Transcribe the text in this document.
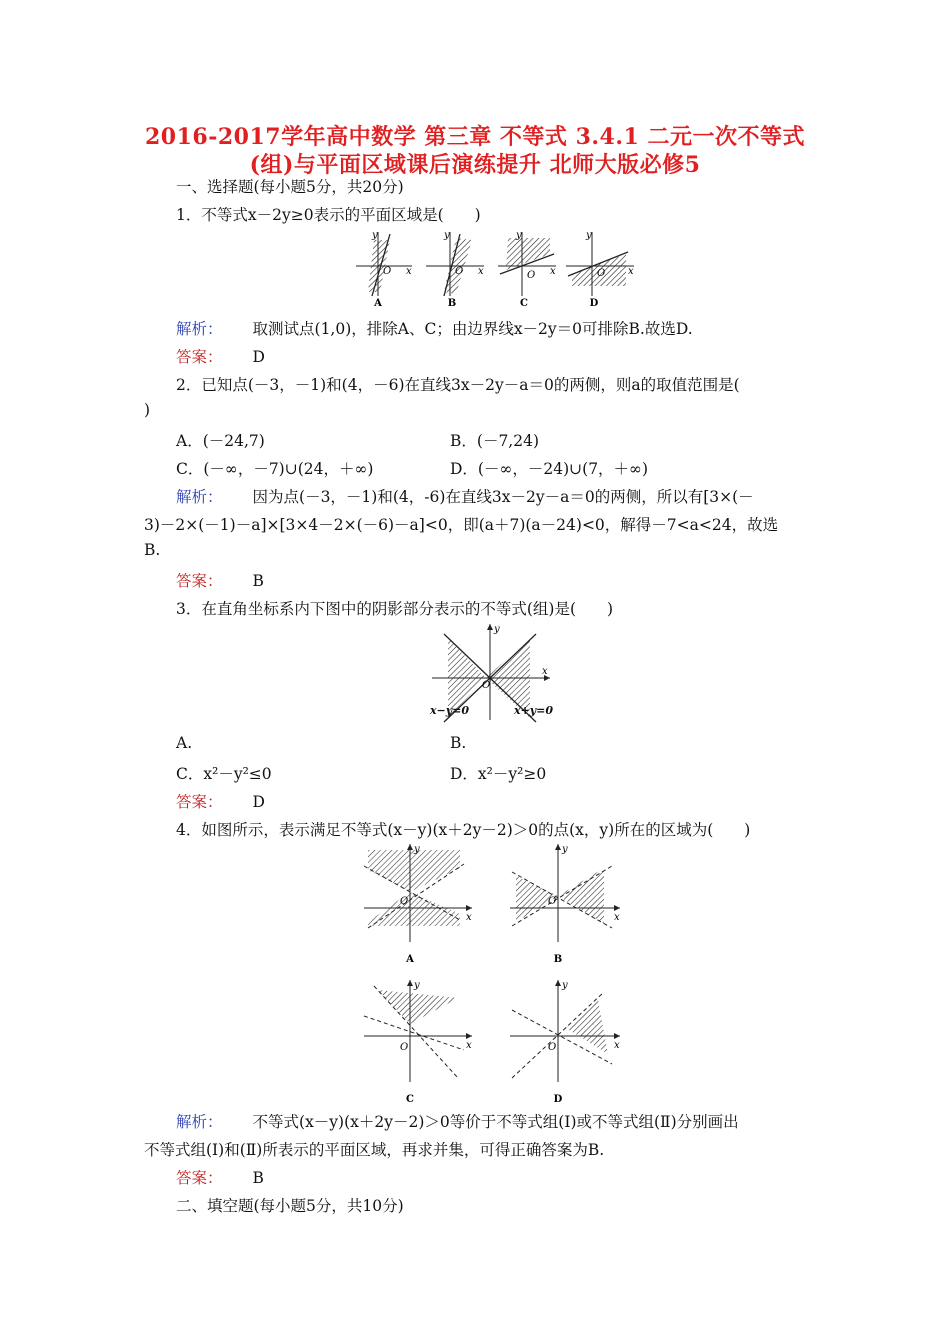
2016-2017学年高中数学 第三章 不等式 3.4.1 二元一次不等式
(组)与平面区域课后演练提升 北师大版必修5
一、选择题(每小题5分，共20分)
1．不等式x－2y≥0表示的平面区域是(　　)
y
O x
A
y
O x
B
y
O x
C
y
O x
D
解析： 取测试点(1,0)，排除A、C；由边界线x－2y＝0可排除B.故选D.
答案： D
2．已知点(－3，－1)和(4，－6)在直线3x－2y－a＝0的两侧，则a的取值范围是(
)
A．(－24,7)	B．(－7,24)
C．(－∞，－7)∪(24，＋∞)	D．(－∞，－24)∪(7，＋∞)
解析： 因为点(－3，－1)和(4，-6)在直线3x－2y－a＝0的两侧，所以有[3×(－
3)－2×(－1)－a]×[3×4－2×(－6)－a]<0，即(a＋7)(a－24)<0，解得－7<a<24，故选
B.
答案： B
3．在直角坐标系内下图中的阴影部分表示的不等式(组)是(　　)
y
O
x
x−y=0	x+y=0
A.	B.
C．x²－y²≤0	D．x²－y²≥0
答案： D
4．如图所示，表示满足不等式(x－y)(x＋2y－2)＞0的点(x，y)所在的区域为(　　)
y
O
x
A
y
O
x
B
y
O	x
C
y
O	x
D
解析： 不等式(x－y)(x＋2y－2)＞0等价于不等式组(Ⅰ)或不等式组(Ⅱ)分别画出
不等式组(Ⅰ)和(Ⅱ)所表示的平面区域，再求并集，可得正确答案为B.
答案： B
二、填空题(每小题5分，共10分)
